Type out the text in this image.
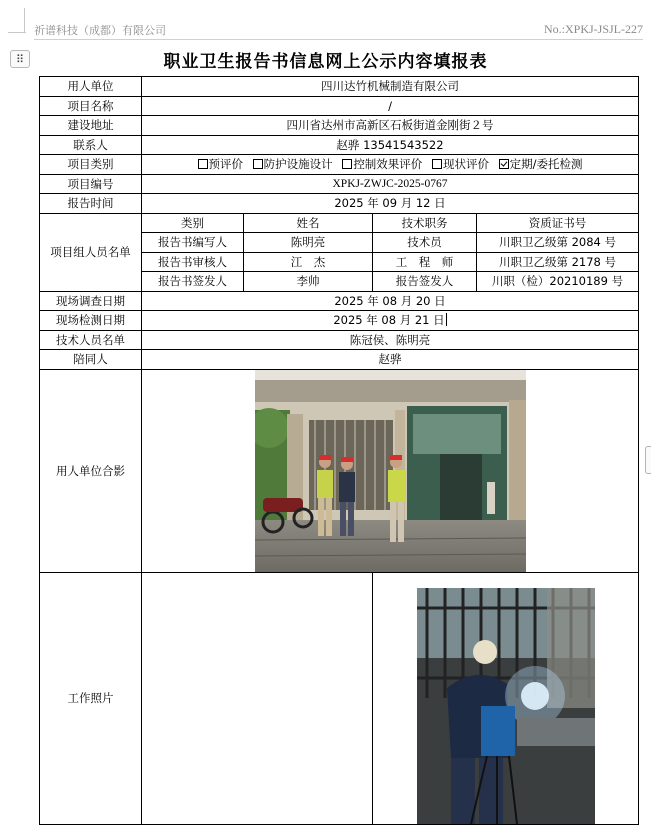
祈谱科技（成都）有限公司	No.:XPKJ-JSJL-227
⠿	职业卫生报告书信息网上公示内容填报表
用人单位	四川达竹机械制造有限公司			
项目名称	/			
建设地址	四川省达州市高新区石板街道金刚街２号			
联系人	赵骅 13541543522			
项目类别	预评价 防护设施设计 控制效果评价 现状评价 定期/委托检测			
项目编号	XPKJ-ZWJC-2025-0767			
报告时间	2025 年 09 月 12 日			
项目组人员名单	类别	姓名	技术职务	资质证书号
	报告书编写人	陈明亮	技术员	川职卫乙级第 2084 号
	报告书审核人	江　杰	工　程　师	川职卫乙级第 2178 号
	报告书签发人	李帅	报告签发人	川职（检）20210189 号
现场调查日期	2025 年 08 月 20 日			
现场检测日期	2025 年 08 月 21 日			
技术人员名单	陈冠侯、陈明亮			
陪同人	赵骅			
用人单位合影	

工作照片		
